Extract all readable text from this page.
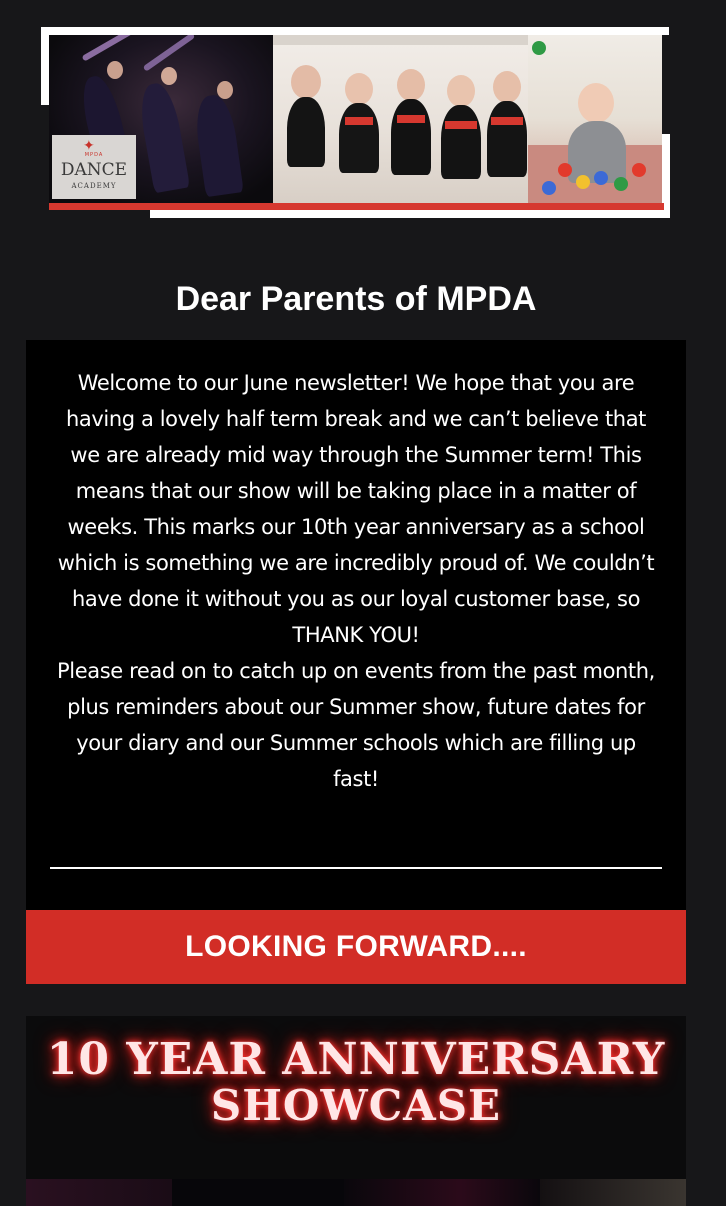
✦
MPDA
DANCE
ACADEMY
Dear Parents of MPDA

Welcome to our June newsletter! We hope that you are having a lovely half term break and we can’t believe that we are already mid way through the Summer term! This means that our show will be taking place in a matter of weeks. This marks our 10th year anniversary as a school which is something we are incredibly proud of. We couldn’t have done it without you as our loyal customer base, so THANK YOU!

Please read on to catch up on events from the past month, plus reminders about our Summer show, future dates for your diary and our Summer schools which are filling up fast!

LOOKING FORWARD....
10 YEAR ANNIVERSARY
SHOWCASE
